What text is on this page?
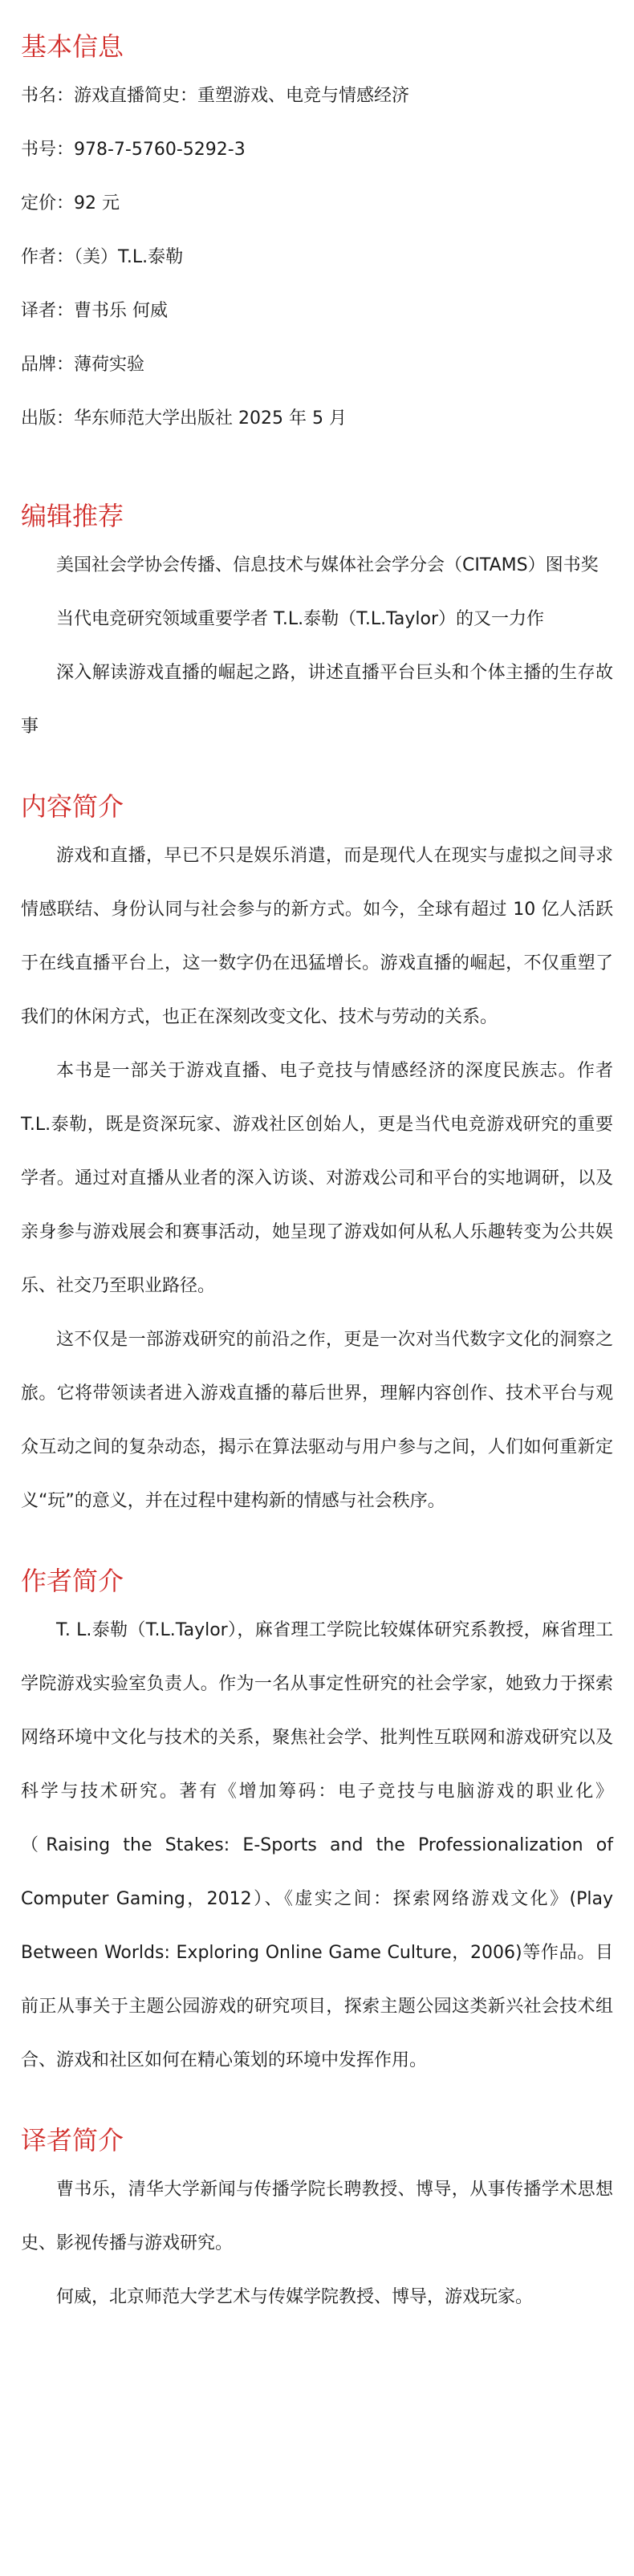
基本信息
书名：游戏直播简史：重塑游戏、电竞与情感经济
书号：978-7-5760-5292-3
定价：92 元
作者：（美）T.L.泰勒
译者：曹书乐 何威
品牌：薄荷实验
出版：华东师范大学出版社 2025 年 5 月
编辑推荐

美国社会学协会传播、信息技术与媒体社会学分会（CITAMS）图书奖

当代电竞研究领域重要学者 T.L.泰勒（T.L.Taylor）的又一力作

深入解读游戏直播的崛起之路，讲述直播平台巨头和个体主播的生存故事

内容简介

游戏和直播，早已不只是娱乐消遣，而是现代人在现实与虚拟之间寻求情感联结、身份认同与社会参与的新方式。如今，全球有超过 10 亿人活跃于在线直播平台上，这一数字仍在迅猛增长。游戏直播的崛起，不仅重塑了我们的休闲方式，也正在深刻改变文化、技术与劳动的关系。

本书是一部关于游戏直播、电子竞技与情感经济的深度民族志。作者 T.L.泰勒，既是资深玩家、游戏社区创始人，更是当代电竞游戏研究的重要学者。通过对直播从业者的深入访谈、对游戏公司和平台的实地调研，以及亲身参与游戏展会和赛事活动，她呈现了游戏如何从私人乐趣转变为公共娱乐、社交乃至职业路径。

这不仅是一部游戏研究的前沿之作，更是一次对当代数字文化的洞察之旅。它将带领读者进入游戏直播的幕后世界，理解内容创作、技术平台与观众互动之间的复杂动态，揭示在算法驱动与用户参与之间，人们如何重新定义“玩”的意义，并在过程中建构新的情感与社会秩序。

作者简介

T. L.泰勒（T.L.Taylor），麻省理工学院比较媒体研究系教授，麻省理工学院游戏实验室负责人。作为一名从事定性研究的社会学家，她致力于探索网络环境中文化与技术的关系，聚焦社会学、批判性互联网和游戏研究以及科学与技术研究。著有《增加筹码：电子竞技与电脑游戏的职业化》（Raising the Stakes: E-Sports and the Professionalization of Computer Gaming，2012）、《虚实之间：探索网络游戏文化》(Play Between Worlds: Exploring Online Game Culture，2006)等作品。目前正从事关于主题公园游戏的研究项目，探索主题公园这类新兴社会技术组合、游戏和社区如何在精心策划的环境中发挥作用。

译者简介

曹书乐，清华大学新闻与传播学院长聘教授、博导，从事传播学术思想史、影视传播与游戏研究。

何威，北京师范大学艺术与传媒学院教授、博导，游戏玩家。
